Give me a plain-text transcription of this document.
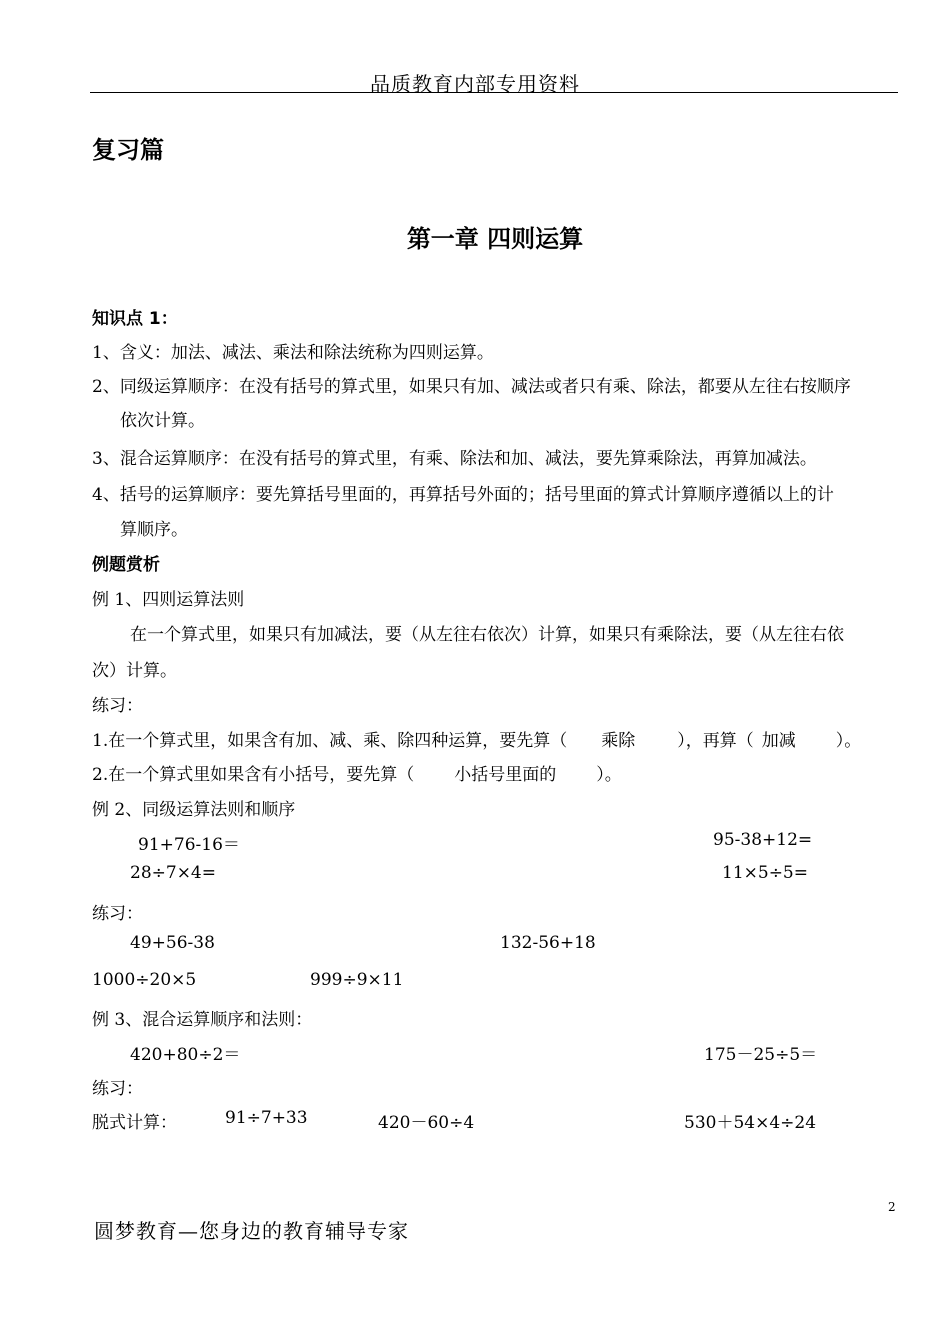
品质教育内部专用资料
复习篇
第一章 四则运算
知识点 1：
1、含义：加法、减法、乘法和除法统称为四则运算。
2、同级运算顺序：在没有括号的算式里，如果只有加、减法或者只有乘、除法，都要从左往右按顺序
依次计算。
3、混合运算顺序：在没有括号的算式里，有乘、除法和加、减法，要先算乘除法，再算加减法。
4、括号的运算顺序：要先算括号里面的，再算括号外面的；括号里面的算式计算顺序遵循以上的计
算顺序。
例题赏析
例 1、四则运算法则
在一个算式里，如果只有加减法，要（从左往右依次）计算，如果只有乘除法，要（从左往右依
次）计算。
练习：
1.在一个算式里，如果含有加、减、乘、除四种运算，要先算（ 乘除 ），再算（ 加减 ）。
2.在一个算式里如果含有小括号，要先算（ 小括号里面的 ）。
例 2、同级运算法则和顺序
91+76-16＝	95-38+12=
28÷7×4=	11×5÷5=
练习：
49+56-38	132-56+18
1000÷20×5	999÷9×11
例 3、混合运算顺序和法则：
420+80÷2＝	175－25÷5＝
练习：
脱式计算：	91÷7+33	420－60÷4	530＋54×4÷24
2
圆梦教育—您身边的教育辅导专家
